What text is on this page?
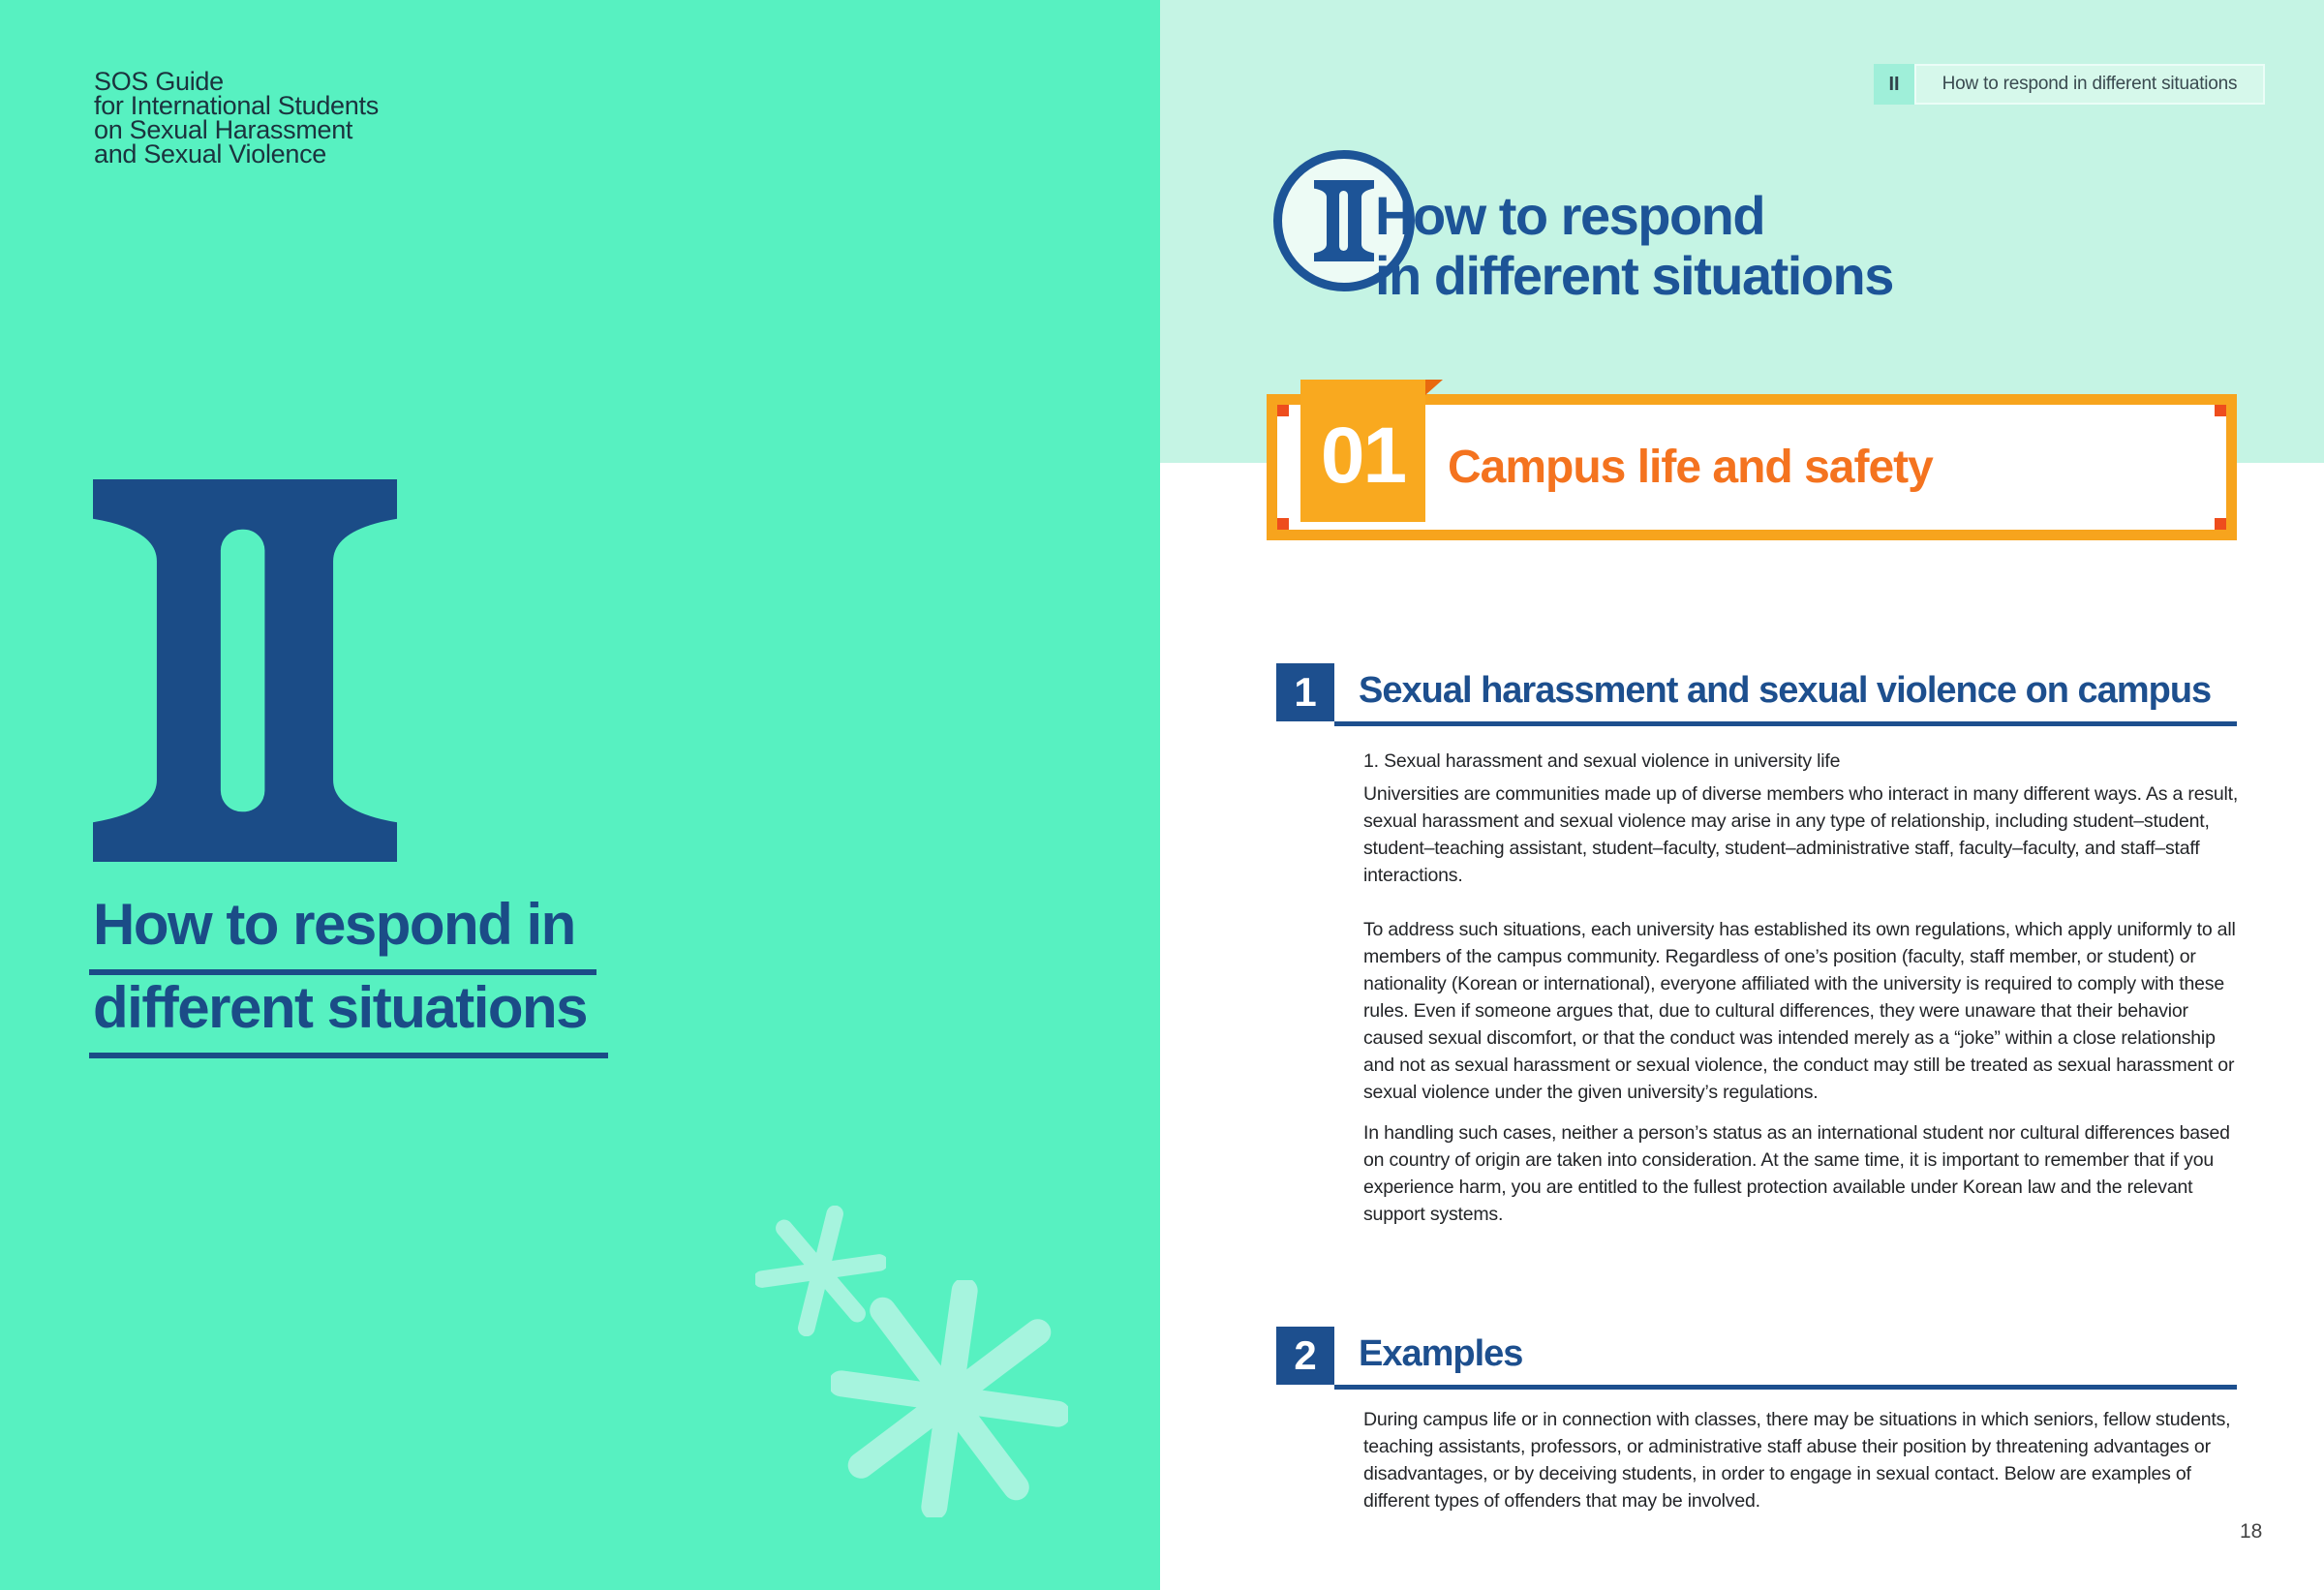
SOS Guide
for International Students
on Sexual Harassment
and Sexual Violence
How to respond in
different situations
II	How to respond in different situations
How to respond
in different situations
01 Campus life and safety
1 Sexual harassment and sexual violence on campus
1. Sexual harassment and sexual violence in university life
Universities are communities made up of diverse members who interact in many different ways. As a result, sexual harassment and sexual violence may arise in any type of relationship, including student–student, student–teaching assistant, student–faculty, student–administrative staff, faculty–faculty, and staff–staff interactions.
To address such situations, each university has established its own regulations, which apply uniformly to all members of the campus community. Regardless of one’s position (faculty, staff member, or student) or nationality (Korean or international), everyone affiliated with the university is required to comply with these rules. Even if someone argues that, due to cultural differences, they were unaware that their behavior caused sexual discomfort, or that the conduct was intended merely as a “joke” within a close relationship and not as sexual harassment or sexual violence, the conduct may still be treated as sexual harassment or sexual violence under the given university’s regulations.
In handling such cases, neither a person’s status as an international student nor cultural differences based on country of origin are taken into consideration. At the same time, it is important to remember that if you experience harm, you are entitled to the fullest protection available under Korean law and the relevant support systems.
2 Examples
During campus life or in connection with classes, there may be situations in which seniors, fellow students, teaching assistants, professors, or administrative staff abuse their position by threatening advantages or disadvantages, or by deceiving students, in order to engage in sexual contact. Below are examples of different types of offenders that may be involved.
18
